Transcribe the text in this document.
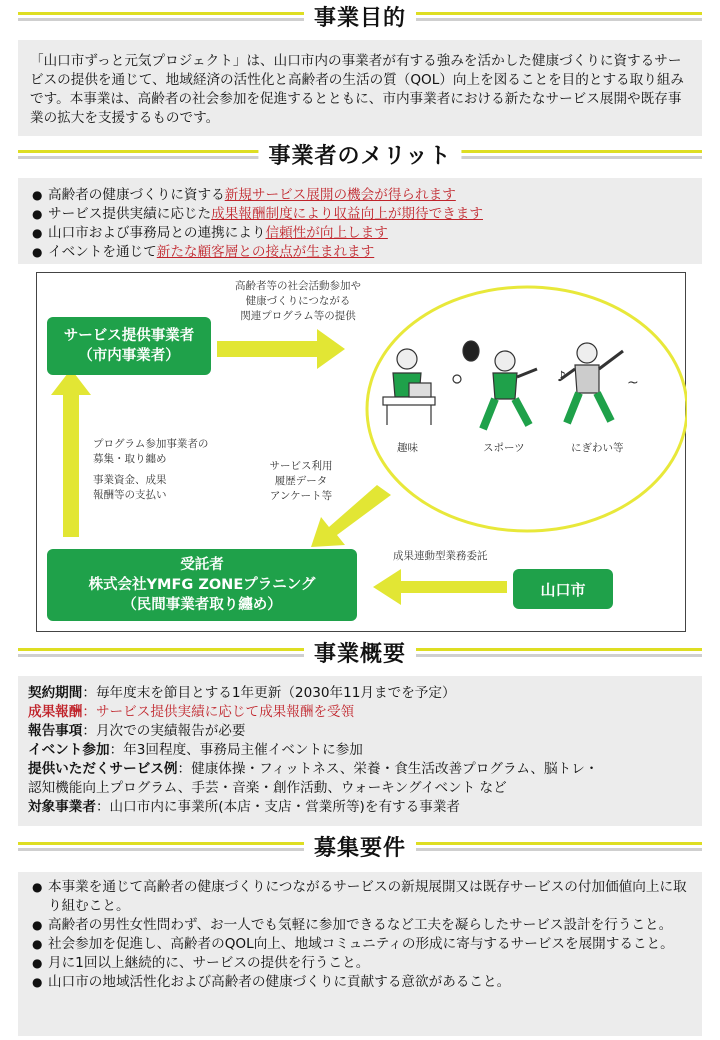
事業目的
「山口市ずっと元気プロジェクト」は、山口市内の事業者が有する強みを活かした健康づくりに資するサービスの提供を通じて、地域経済の活性化と高齢者の生活の質（QOL）向上を図ることを目的とする取り組みです。本事業は、高齢者の社会参加を促進するとともに、市内事業者における新たなサービス展開や既存事業の拡大を支援するものです。
事業者のメリット
● 高齢者の健康づくりに資する新規サービス展開の機会が得られます
● サービス提供実績に応じた成果報酬制度により収益向上が期待できます
● 山口市および事務局との連携により信頼性が向上します
● イベントを通じて新たな顧客層との接点が生まれます
♪	~
サービス提供事業者
（市内事業者）
受託者
株式会社YMFG ZONEプラニング
（民間事業者取り纏め）
山口市
高齢者等の社会活動参加や
健康づくりにつながる
関連プログラム等の提供
プログラム参加事業者の
募集・取り纏め
事業資金、成果
報酬等の支払い
サービス利用
履歴データ
アンケート等
成果連動型業務委託
趣味	スポーツ	にぎわい等
事業概要
契約期間：毎年度末を節目とする1年更新（2030年11月までを予定）
成果報酬：サービス提供実績に応じて成果報酬を受領
報告事項：月次での実績報告が必要
イベント参加：年3回程度、事務局主催イベントに参加
提供いただくサービス例：健康体操・フィットネス、栄養・食生活改善プログラム、脳トレ・
認知機能向上プログラム、手芸・音楽・創作活動、ウォーキングイベント など
対象事業者：山口市内に事業所(本店・支店・営業所等)を有する事業者
募集要件
● 本事業を通じて高齢者の健康づくりにつながるサービスの新規展開又は既存サービスの付加価値向上に取り組むこと。
● 高齢者の男性女性問わず、お一人でも気軽に参加できるなど工夫を凝らしたサービス設計を行うこと。
● 社会参加を促進し、高齢者のQOL向上、地域コミュニティの形成に寄与するサービスを展開すること。
● 月に1回以上継続的に、サービスの提供を行うこと。
● 山口市の地域活性化および高齢者の健康づくりに貢献する意欲があること。
